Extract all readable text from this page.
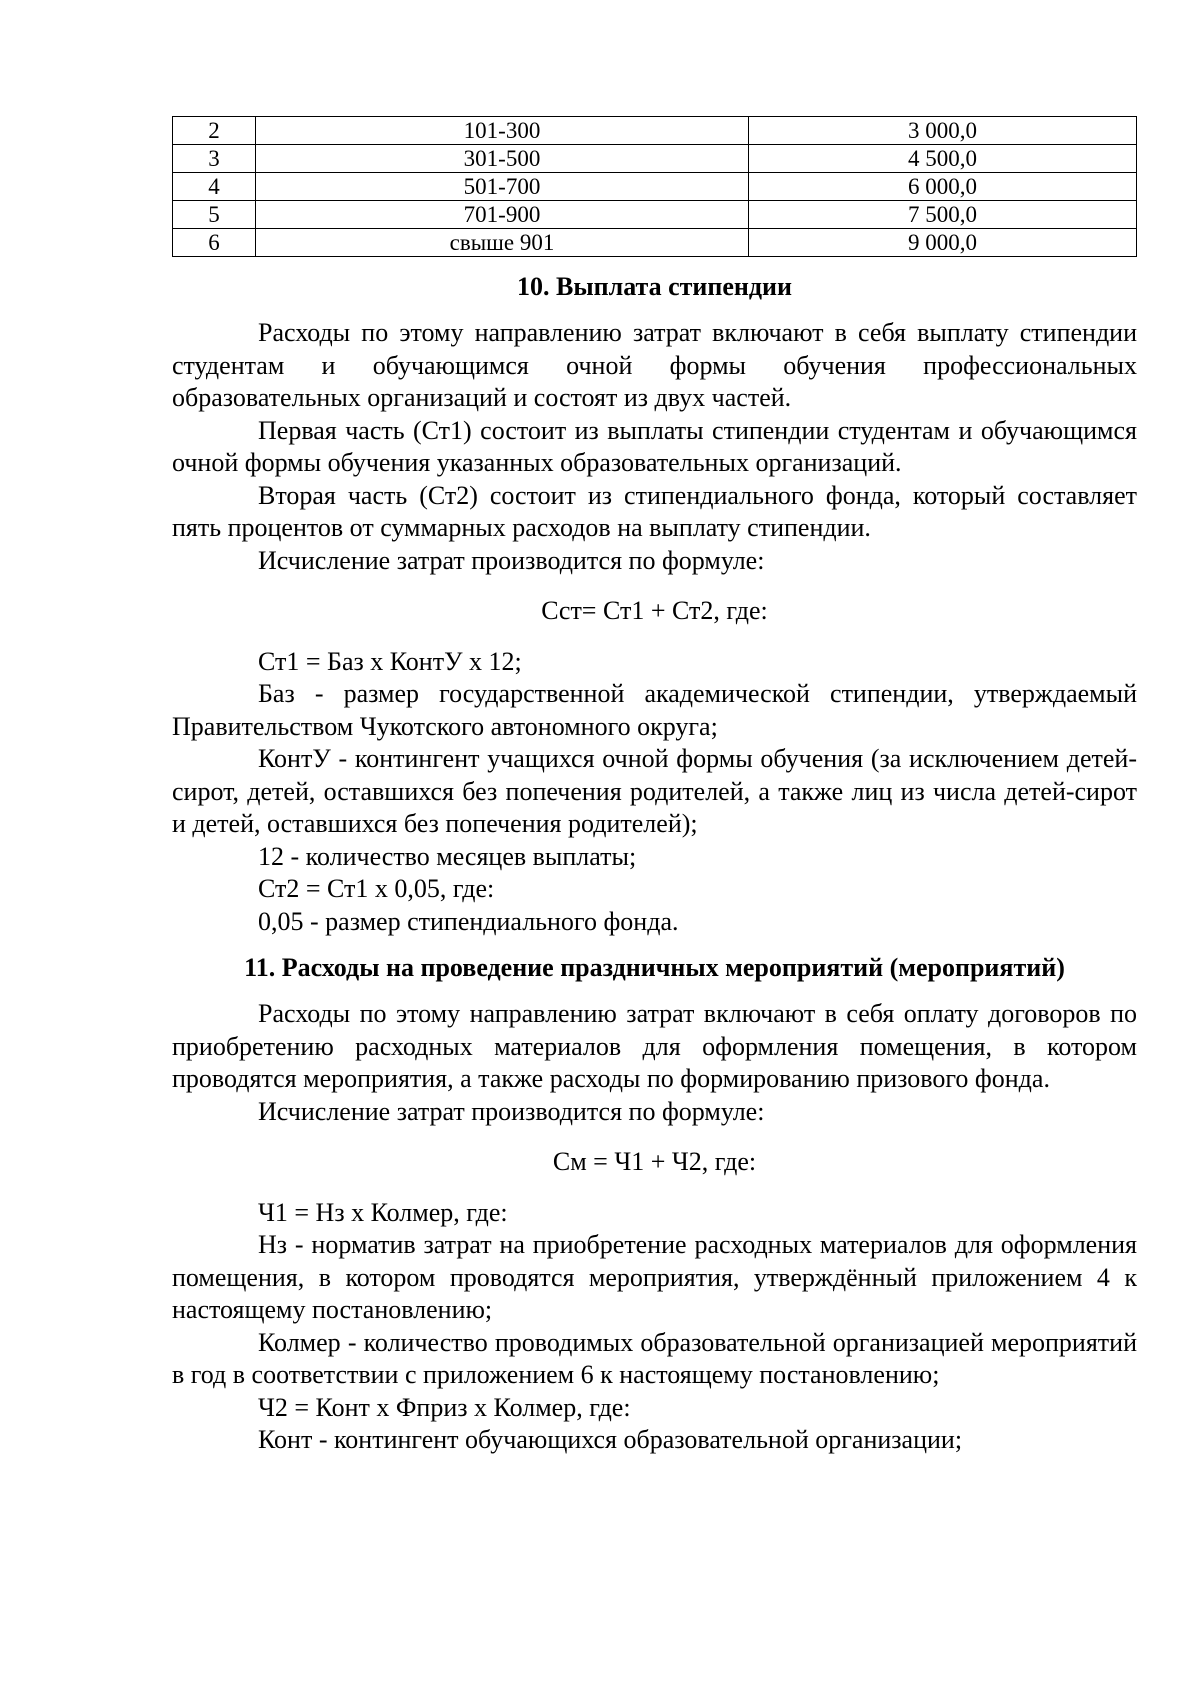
2	101-300	3 000,0
3	301-500	4 500,0
4	501-700	6 000,0
5	701-900	7 500,0
6	свыше 901	9 000,0
10. Выплата стипендии

Расходы по этому направлению затрат включают в себя выплату стипендии студентам и обучающимся очной формы обучения профессиональных образовательных организаций и состоят из двух частей.

Первая часть (Ст1) состоит из выплаты стипендии студентам и обучающимся очной формы обучения указанных образовательных организаций.

Вторая часть (Ст2) состоит из стипендиального фонда, который составляет пять процентов от суммарных расходов на выплату стипендии.

Исчисление затрат производится по формуле:

Сст= Ст1 + Ст2, где:

Ст1 = Баз х КонтУ х 12;

Баз - размер государственной академической стипендии, утверждаемый Правительством Чукотского автономного округа;

КонтУ - контингент учащихся очной формы обучения (за исключением детей-сирот, детей, оставшихся без попечения родителей, а также лиц из числа детей-сирот и детей, оставшихся без попечения родителей);

12 - количество месяцев выплаты;

Ст2 = Ст1 х 0,05, где:

0,05 - размер стипендиального фонда.

11. Расходы на проведение праздничных мероприятий (мероприятий)

Расходы по этому направлению затрат включают в себя оплату договоров по приобретению расходных материалов для оформления помещения, в котором проводятся мероприятия, а также расходы по формированию призового фонда.

Исчисление затрат производится по формуле:

См = Ч1 + Ч2, где:

Ч1 = Нз х Колмер, где:

Нз - норматив затрат на приобретение расходных материалов для оформления помещения, в котором проводятся мероприятия, утверждённый приложением 4 к настоящему постановлению;

Колмер - количество проводимых образовательной организацией мероприятий в год в соответствии с приложением 6 к настоящему постановлению;

Ч2 = Конт х Фприз х Колмер, где:

Конт - контингент обучающихся образовательной организации;
